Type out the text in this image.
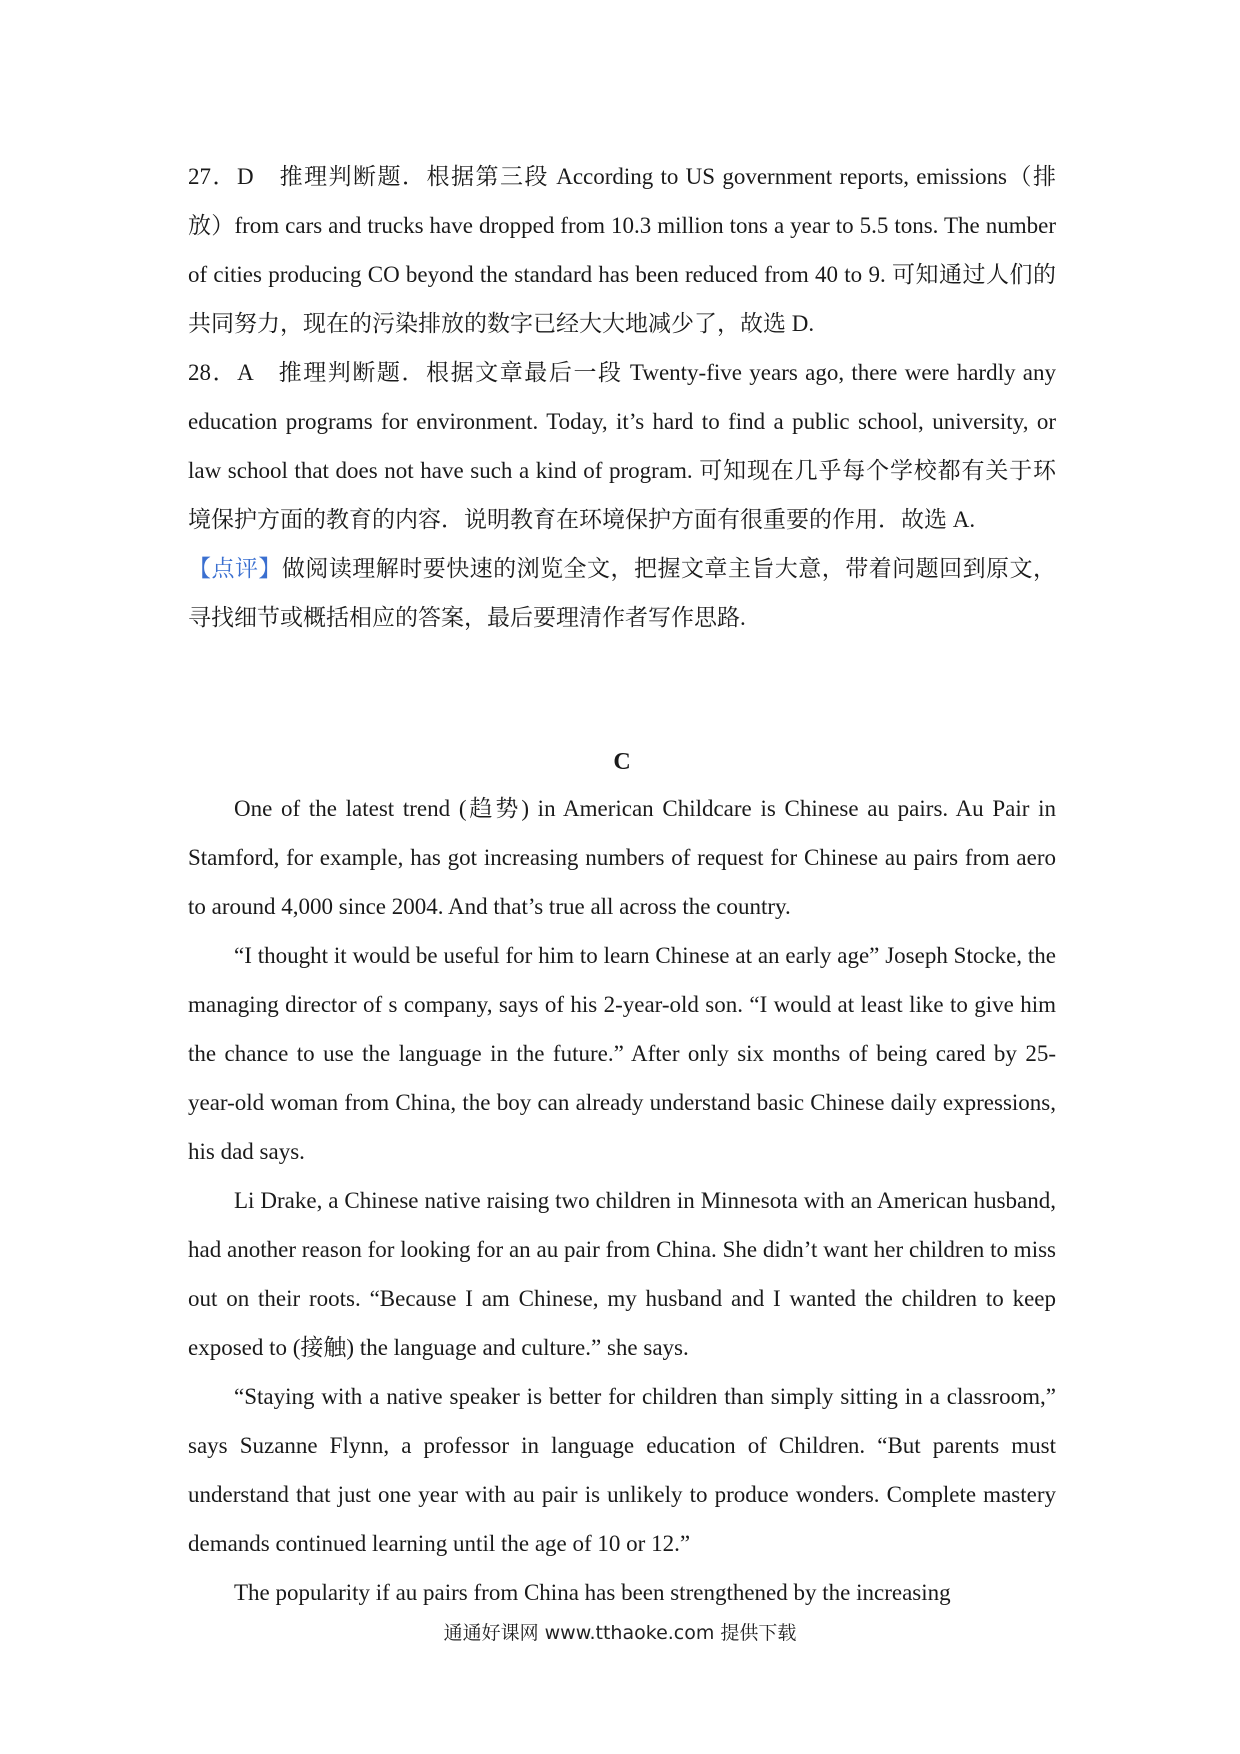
27．D　推理判断题．根据第三段 According to US government reports, emissions（排放）from cars and trucks have dropped from 10.3 million tons a year to 5.5 tons. The number of cities producing CO beyond the standard has been reduced from 40 to 9. 可知通过人们的共同努力，现在的污染排放的数字已经大大地减少了，故选 D.

28．A　推理判断题．根据文章最后一段 Twenty-five years ago, there were hardly any education programs for environment. Today, it’s hard to find a public school, university, or law school that does not have such a kind of program. 可知现在几乎每个学校都有关于环境保护方面的教育的内容．说明教育在环境保护方面有很重要的作用．故选 A.

【点评】做阅读理解时要快速的浏览全文，把握文章主旨大意，带着问题回到原文，寻找细节或概括相应的答案，最后要理清作者写作思路.

C

One of the latest trend (趋势) in American Childcare is Chinese au pairs. Au Pair in Stamford, for example, has got increasing numbers of request for Chinese au pairs from aero to around 4,000 since 2004. And that’s true all across the country.

“I thought it would be useful for him to learn Chinese at an early age” Joseph Stocke, the managing director of s company, says of his 2-year-old son. “I would at least like to give him the chance to use the language in the future.” After only six months of being cared by 25-year-old woman from China, the boy can already understand basic Chinese daily expressions, his dad says.

Li Drake, a Chinese native raising two children in Minnesota with an American husband, had another reason for looking for an au pair from China. She didn’t want her children to miss out on their roots. “Because I am Chinese, my husband and I wanted the children to keep exposed to (接触) the language and culture.” she says.

“Staying with a native speaker is better for children than simply sitting in a classroom,” says Suzanne Flynn, a professor in language education of Children. “But parents must understand that just one year with au pair is unlikely to produce wonders. Complete mastery demands continued learning until the age of 10 or 12.”

The popularity if au pairs from China has been strengthened by the increasing

通通好课网 www.tthaoke.com 提供下载
